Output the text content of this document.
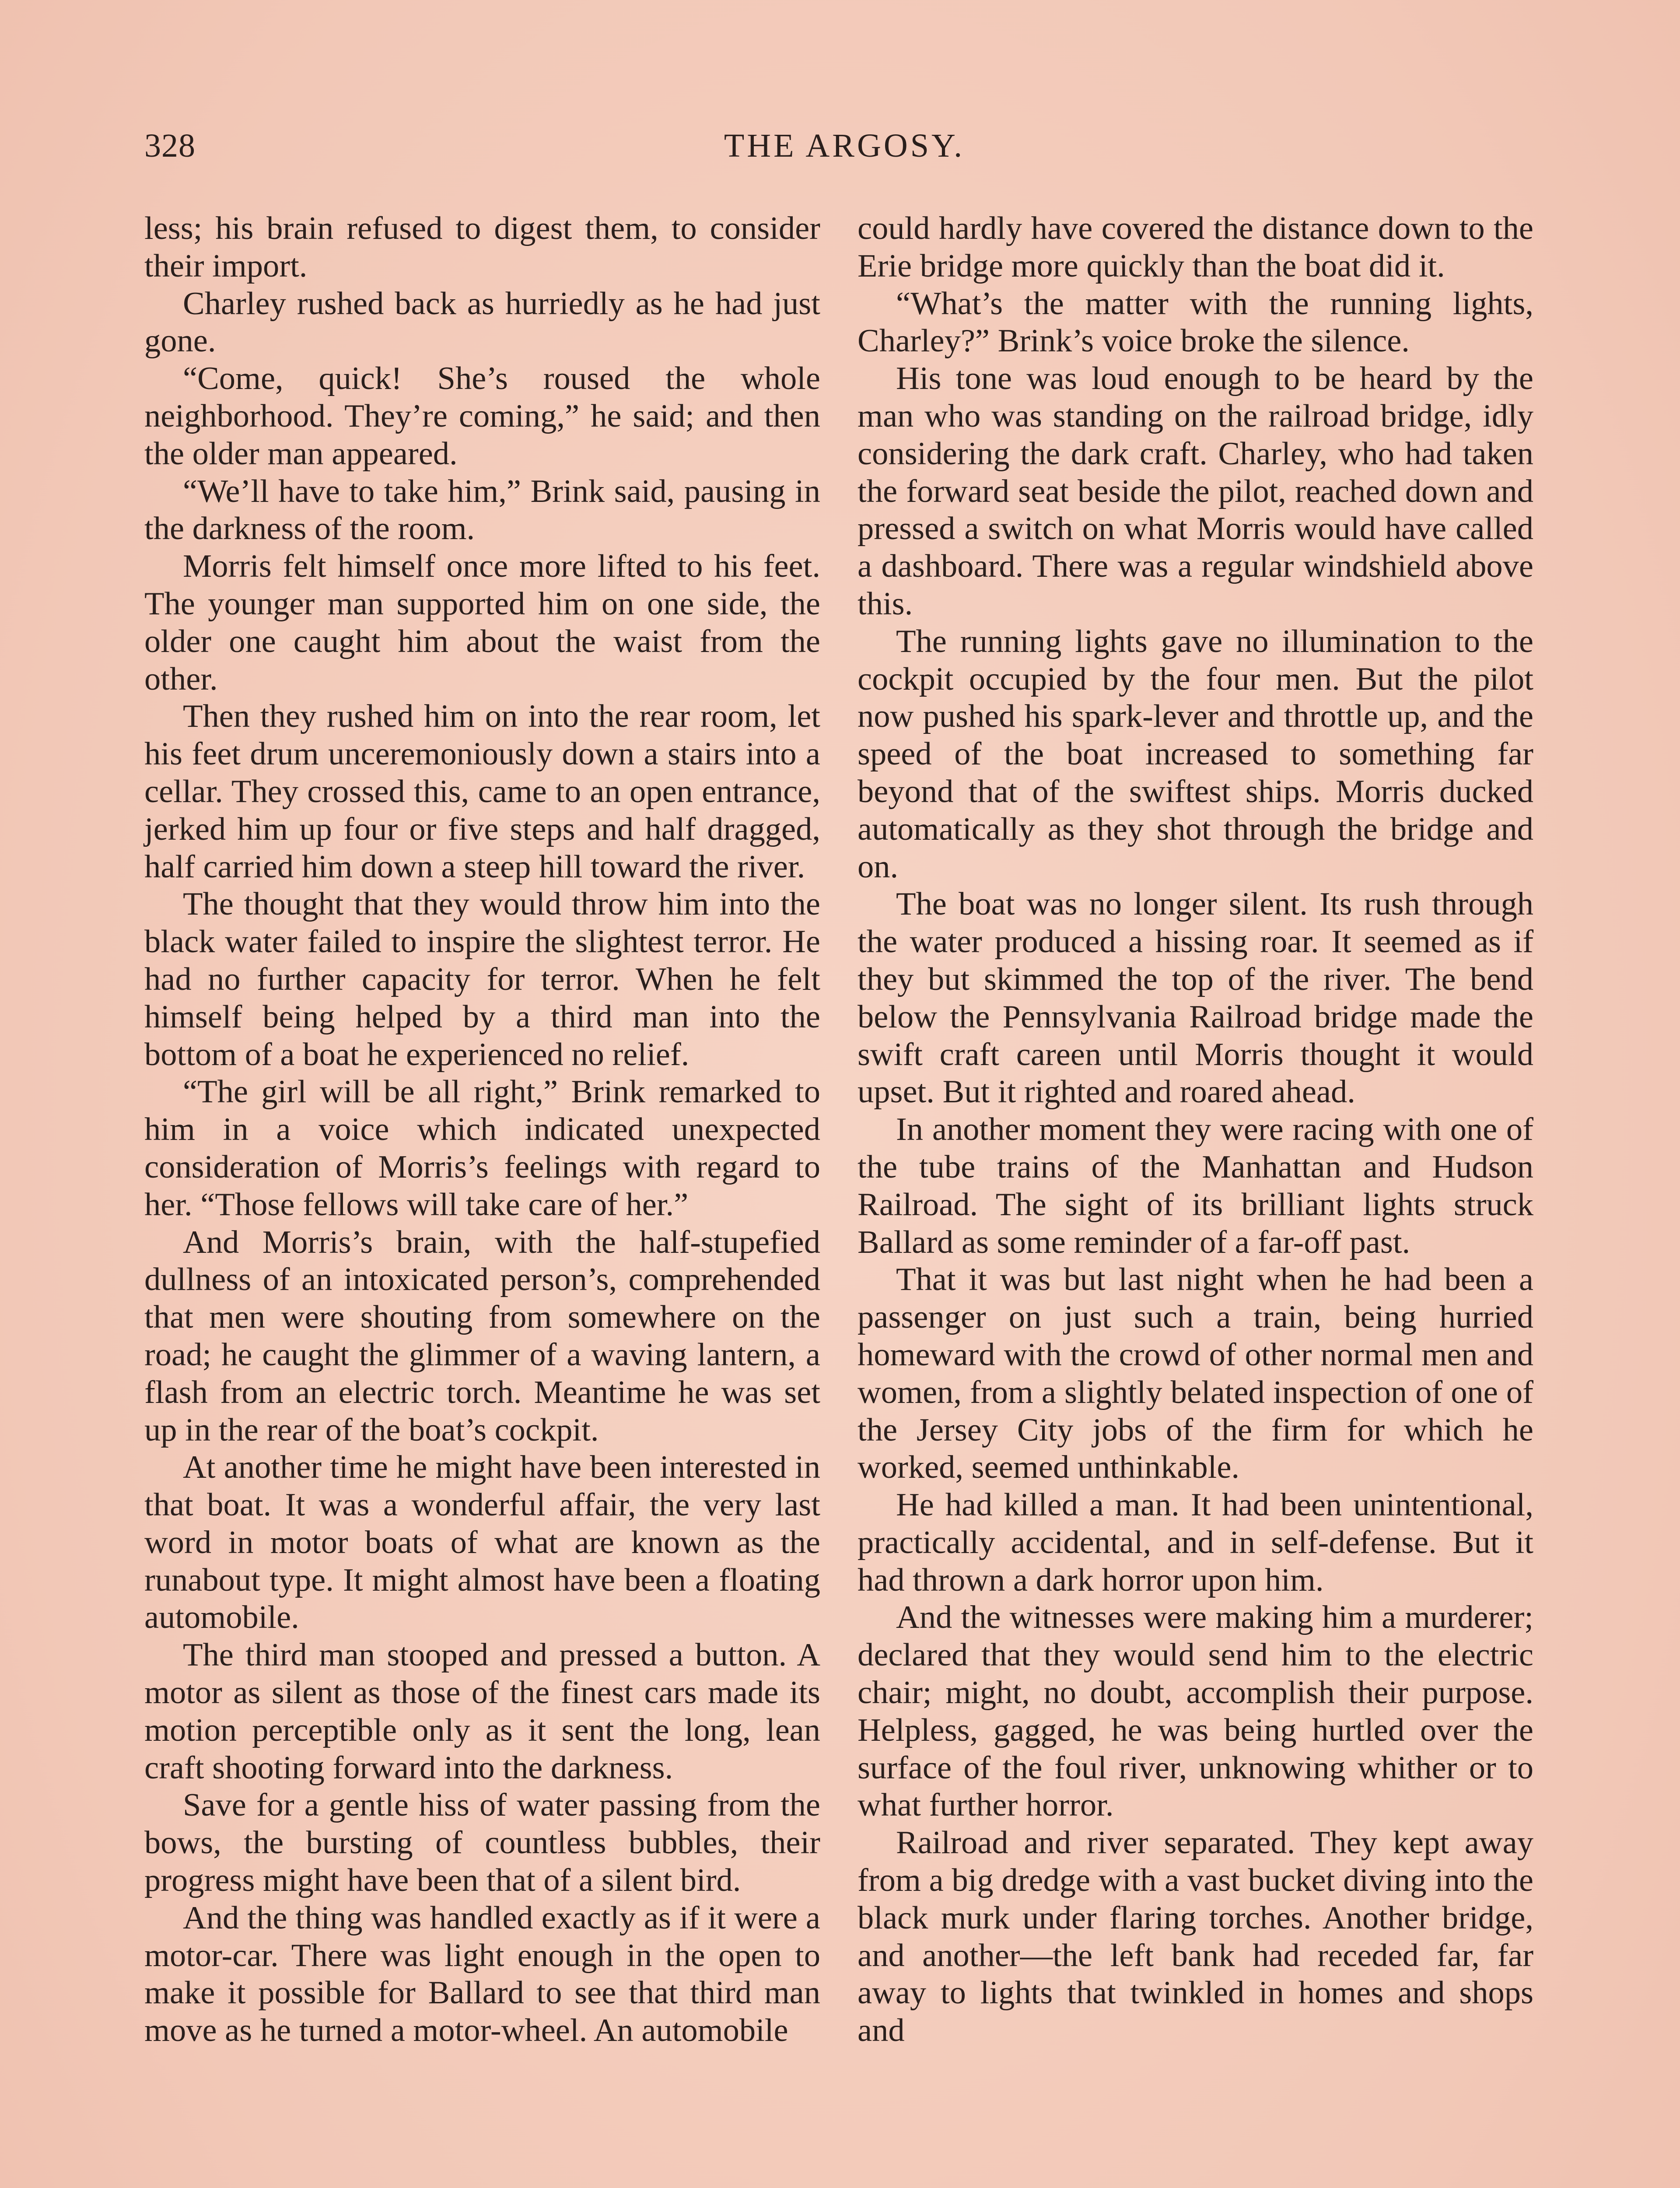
328	THE ARGOSY.

less; his brain refused to digest them, to consider their import.

Charley rushed back as hurriedly as he had just gone.

“Come, quick! She’s roused the whole neighborhood. They’re coming,” he said; and then the older man appeared.

“We’ll have to take him,” Brink said, pausing in the darkness of the room.

Morris felt himself once more lifted to his feet. The younger man supported him on one side, the older one caught him about the waist from the other.

Then they rushed him on into the rear room, let his feet drum unceremoniously down a stairs into a cellar. They crossed this, came to an open entrance, jerked him up four or five steps and half dragged, half carried him down a steep hill toward the river.

The thought that they would throw him into the black water failed to inspire the slightest terror. He had no further capacity for terror. When he felt himself being helped by a third man into the bottom of a boat he experienced no relief.

“The girl will be all right,” Brink remarked to him in a voice which indicated unexpected consideration of Morris’s feelings with regard to her. “Those fellows will take care of her.”

And Morris’s brain, with the half-stupefied dullness of an intoxicated person’s, comprehended that men were shouting from somewhere on the road; he caught the glimmer of a waving lantern, a flash from an electric torch. Meantime he was set up in the rear of the boat’s cockpit.

At another time he might have been interested in that boat. It was a wonderful affair, the very last word in motor boats of what are known as the runabout type. It might almost have been a floating automobile.

The third man stooped and pressed a button. A motor as silent as those of the finest cars made its motion perceptible only as it sent the long, lean craft shooting forward into the darkness.

Save for a gentle hiss of water passing from the bows, the bursting of countless bubbles, their progress might have been that of a silent bird.

And the thing was handled exactly as if it were a motor-car. There was light enough in the open to make it possible for Ballard to see that third man move as he turned a motor-wheel. An automobile

could hardly have covered the distance down to the Erie bridge more quickly than the boat did it.

“What’s the matter with the running lights, Charley?” Brink’s voice broke the silence.

His tone was loud enough to be heard by the man who was standing on the railroad bridge, idly considering the dark craft. Charley, who had taken the forward seat beside the pilot, reached down and pressed a switch on what Morris would have called a dashboard. There was a regular windshield above this.

The running lights gave no illumination to the cockpit occupied by the four men. But the pilot now pushed his spark-lever and throttle up, and the speed of the boat increased to something far beyond that of the swiftest ships. Morris ducked automatically as they shot through the bridge and on.

The boat was no longer silent. Its rush through the water produced a hissing roar. It seemed as if they but skimmed the top of the river. The bend below the Pennsylvania Railroad bridge made the swift craft careen until Morris thought it would upset. But it righted and roared ahead.

In another moment they were racing with one of the tube trains of the Manhattan and Hudson Railroad. The sight of its brilliant lights struck Ballard as some reminder of a far-off past.

That it was but last night when he had been a passenger on just such a train, being hurried homeward with the crowd of other normal men and women, from a slightly belated inspection of one of the Jersey City jobs of the firm for which he worked, seemed unthinkable.

He had killed a man. It had been unintentional, practically accidental, and in self-defense. But it had thrown a dark horror upon him.

And the witnesses were making him a murderer; declared that they would send him to the electric chair; might, no doubt, accomplish their purpose. Helpless, gagged, he was being hurtled over the surface of the foul river, unknowing whither or to what further horror.

Railroad and river separated. They kept away from a big dredge with a vast bucket diving into the black murk under flaring torches. Another bridge, and another—the left bank had receded far, far away to lights that twinkled in homes and shops and
